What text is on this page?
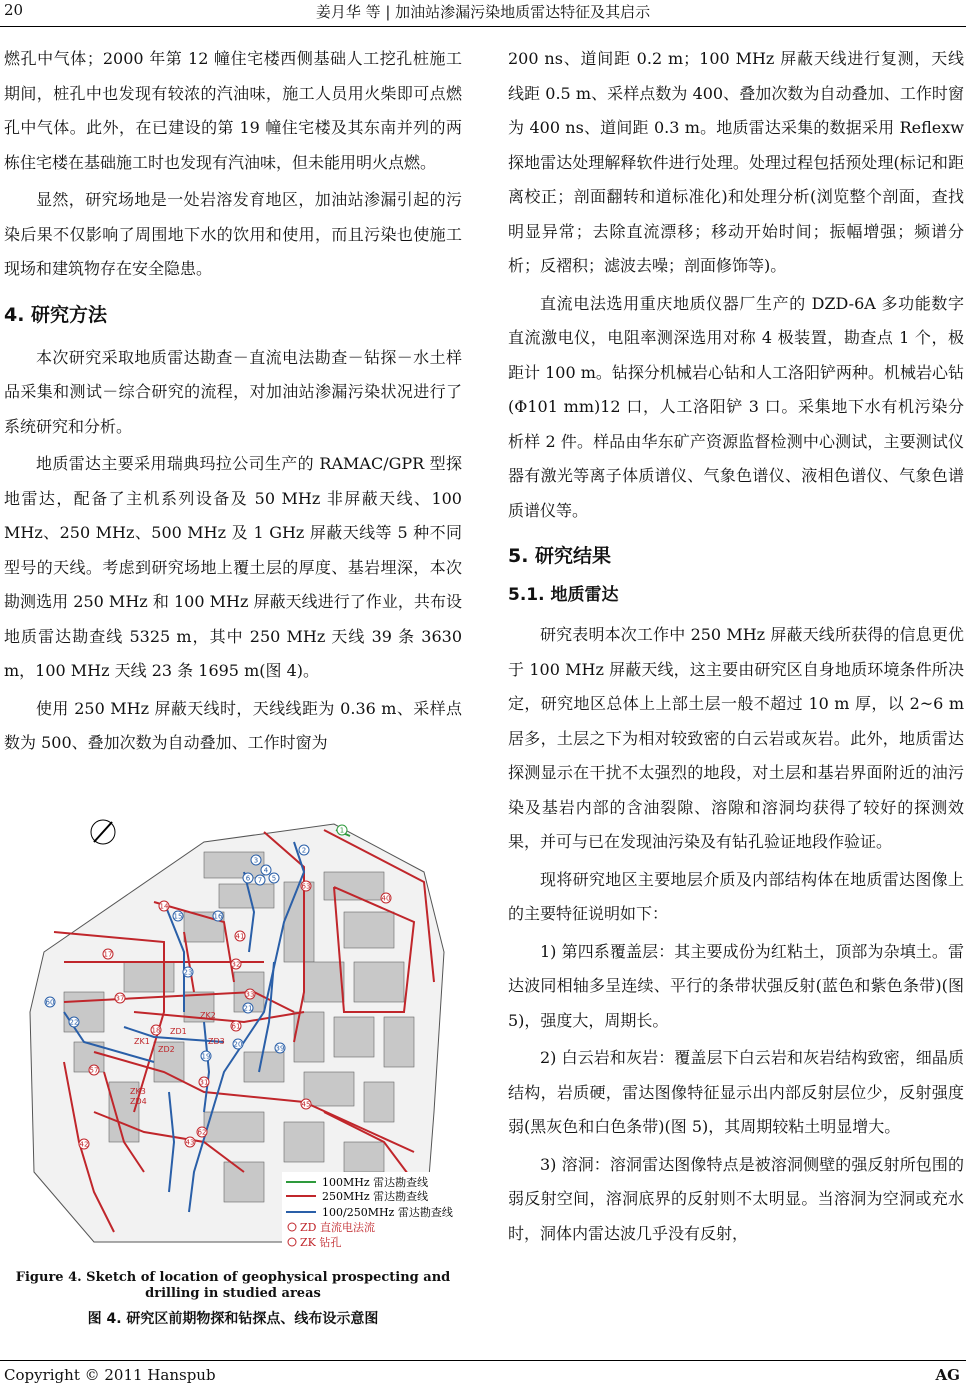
20	姜月华 等 | 加油站渗漏污染地质雷达特征及其启示

燃孔中气体；2000 年第 12 幢住宅楼西侧基础人工挖孔桩施工期间，桩孔中也发现有较浓的汽油味，施工人员用火柴即可点燃孔中气体。此外，在已建设的第 19 幢住宅楼及其东南并列的两栋住宅楼在基础施工时也发现有汽油味，但未能用明火点燃。

显然，研究场地是一处岩溶发育地区，加油站渗漏引起的污染后果不仅影响了周围地下水的饮用和使用，而且污染也使施工现场和建筑物存在安全隐患。

4. 研究方法

本次研究采取地质雷达勘查－直流电法勘查－钻探－水土样品采集和测试－综合研究的流程，对加油站渗漏污染状况进行了系统研究和分析。

地质雷达主要采用瑞典玛拉公司生产的 RAMAC/GPR 型探地雷达，配备了主机系列设备及 50 MHz 非屏蔽天线、100 MHz、250 MHz、500 MHz 及 1 GHz 屏蔽天线等 5 种不同型号的天线。考虑到研究场地上覆土层的厚度、基岩埋深，本次勘测选用 250 MHz 和 100 MHz 屏蔽天线进行了作业，共布设地质雷达勘查线 5325 m，其中 250 MHz 天线 39 条 3630 m，100 MHz 天线 23 条 1695 m(图 4)。

使用 250 MHz 屏蔽天线时，天线线距为 0.36 m、采样点数为 500、叠加次数为自动叠加、工作时窗为

1
2
3
4
5
6 7
14
15	16
17
18
19
20
21
22
23
31
32
33
37
39
40
41
42	43
45
57
60
61
62
63
ZK1
ZD1
ZD2
ZK2
ZD3
ZK3
ZD4
100MHz 雷达勘查线
250MHz 雷达勘查线
100/250MHz 雷达勘查线
ZD 直流电法流
ZK 钻孔
Figure 4. Sketch of location of geophysical prospecting and drilling in studied areas
图 4. 研究区前期物探和钻探点、线布设示意图

200 ns、道间距 0.2 m；100 MHz 屏蔽天线进行复测，天线线距 0.5 m、采样点数为 400、叠加次数为自动叠加、工作时窗为 400 ns、道间距 0.3 m。地质雷达采集的数据采用 Reflexw 探地雷达处理解释软件进行处理。处理过程包括预处理(标记和距离校正；剖面翻转和道标准化)和处理分析(浏览整个剖面，查找明显异常；去除直流漂移；移动开始时间；振幅增强；频谱分析；反褶积；滤波去噪；剖面修饰等)。

直流电法选用重庆地质仪器厂生产的 DZD-6A 多功能数字直流激电仪，电阻率测深选用对称 4 极装置，勘查点 1 个，极距计 100 m。钻探分机械岩心钻和人工洛阳铲两种。机械岩心钻(Φ101 mm)12 口，人工洛阳铲 3 口。采集地下水有机污染分析样 2 件。样品由华东矿产资源监督检测中心测试，主要测试仪器有激光等离子体质谱仪、气象色谱仪、液相色谱仪、气象色谱质谱仪等。

5. 研究结果
5.1. 地质雷达

研究表明本次工作中 250 MHz 屏蔽天线所获得的信息更优于 100 MHz 屏蔽天线，这主要由研究区自身地质环境条件所决定，研究地区总体上上部土层一般不超过 10 m 厚，以 2~6 m 居多，土层之下为相对较致密的白云岩或灰岩。此外，地质雷达探测显示在干扰不太强烈的地段，对土层和基岩界面附近的油污染及基岩内部的含油裂隙、溶隙和溶洞均获得了较好的探测效果，并可与已在发现油污染及有钻孔验证地段作验证。

现将研究地区主要地层介质及内部结构体在地质雷达图像上的主要特征说明如下：

1) 第四系覆盖层：其主要成份为红粘土，顶部为杂填土。雷达波同相轴多呈连续、平行的条带状强反射(蓝色和紫色条带)(图 5)，强度大，周期长。

2) 白云岩和灰岩：覆盖层下白云岩和灰岩结构致密，细晶质结构，岩质硬，雷达图像特征显示出内部反射层位少，反射强度弱(黑灰色和白色条带)(图 5)，其周期较粘土明显增大。

3) 溶洞：溶洞雷达图像特点是被溶洞侧壁的强反射所包围的弱反射空间，溶洞底界的反射则不太明显。当溶洞为空洞或充水时，洞体内雷达波几乎没有反射，

Copyright © 2011 Hanspub	AG
